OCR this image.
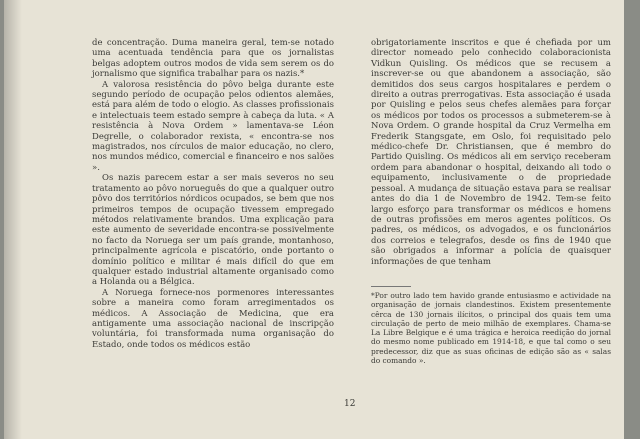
de concentração. Duma maneira geral, tem-se notado uma acentuada tendência para que os jornalistas belgas adoptem outros modos de vida sem serem os do jornalismo que significa trabalhar para os nazis.*

A valorosa resistência do pôvo belga durante este segundo período de ocupação pelos odientos alemães, está para além de todo o elogio. As classes profissionais e intelectuais teem estado sempre à cabeça da luta. « A resistência à Nova Ordem » lamentava-se Léon Degrelle, o colaborador rexista, « encontra-se nos magistrados, nos círculos de maior educação, no clero, nos mundos médico, comercial e financeiro e nos salões ».

Os nazis parecem estar a ser mais severos no seu tratamento ao pôvo norueguês do que a qualquer outro pôvo dos territórios nórdicos ocupados, se bem que nos primeiros tempos de ocupação tivessem empregado métodos relativamente brandos. Uma explicação para este aumento de severidade encontra-se possivelmente no facto da Noruega ser um país grande, montanhoso, principalmente agrícola e piscatório, onde portanto o domínio político e militar é mais difícil do que em qualquer estado industrial altamente organisado como a Holanda ou a Bélgica.

A Noruega fornece-nos pormenores interessantes sobre a maneira como foram arregimentados os médicos. A Associação de Medicina, que era antigamente uma associação nacional de inscripção voluntária, foi transformada numa organisação do Estado, onde todos os médicos estão

obrigatoriamente inscritos e que é chefiada por um director nomeado pelo conhecido colaboracionista Vidkun Quisling. Os médicos que se recusem a inscrever-se ou que abandonem a associação, são demitidos dos seus cargos hospitalares e perdem o direito a outras prerrogativas. Esta associação é usada por Quisling e pelos seus chefes alemães para forçar os médicos por todos os processos a submeterem-se à Nova Ordem. O grande hospital da Cruz Vermelha em Frederik Stangsgate, em Oslo, foi requisitado pelo médico-chefe Dr. Christiansen, que é membro do Partido Quisling. Os médicos ali em serviço receberam ordem para abandonar o hospital, deixando ali todo o equipamento, inclusivamente o de propriedade pessoal. A mudança de situação estava para se realisar antes do dia 1 de Novembro de 1942. Tem-se feito largo esforço para transformar os médicos e homens de outras profissões em meros agentes políticos. Os padres, os médicos, os advogados, e os funcionários dos correios e telegrafos, desde os fins de 1940 que são obrigados a informar a polícia de quaisquer informações de que tenham

*Por outro lado tem havido grande entusiasmo e actividade na organisação de jornais clandestinos. Existem presentemente cêrca de 130 jornais ilícitos, o principal dos quais tem uma circulação de perto de meio milhão de exemplares. Chama-se La Libre Belgique e é uma trágica e heroica reedição do jornal do mesmo nome publicado em 1914-18, e que tal como o seu predecessor, diz que as suas oficinas de edição são as « salas do comando ».
12
